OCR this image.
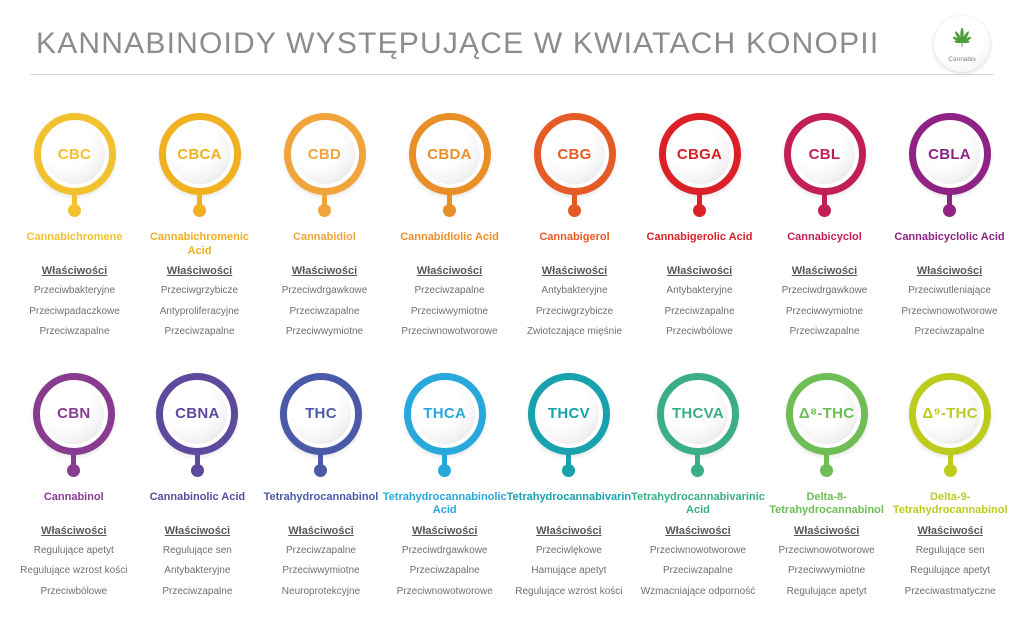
KANNABINOIDY WYSTĘPUJĄCE W KWIATACH KONOPII	Cannabis
CBC
Cannabichromene
Właściwości
Przeciwbakteryjne
Przeciwpadaczkowe
Przeciwzapalne
CBCA
Cannabichromenic Acid
Właściwości
Przeciwgrzybicze
Antyproliferacyjne
Przeciwzapalne
CBD
Cannabidiol
Właściwości
Przeciwdrgawkowe
Przeciwzapalne
Przeciwwymiotne
CBDA
Cannabidiolic Acid
Właściwości
Przeciwzapalne
Przeciwwymiotne
Przeciwnowotworowe
CBG
Cannabigerol
Właściwości
Antybakteryjne
Przeciwgrzybicze
Zwiotczające mięśnie
CBGA
Cannabigerolic Acid
Właściwości
Antybakteryjne
Przeciwzapalne
Przeciwbólowe
CBL
Cannabicyclol
Właściwości
Przeciwdrgawkowe
Przeciwwymiotne
Przeciwzapalne
CBLA
Cannabicyclolic Acid
Właściwości
Przeciwutleniające
Przeciwnowotworowe
Przeciwzapalne
CBN
Cannabinol
Właściwości
Regulujące apetyt
Regulujące wzrost kości
Przeciwbólowe
CBNA
Cannabinolic Acid
Właściwości
Regulujące sen
Antybakteryjne
Przeciwzapalne
THC
Tetrahydrocannabinol
Właściwości
Przeciwzapalne
Przeciwwymiotne
Neuroprotekcyjne
THCA
Tetrahydrocannabinolic Acid
Właściwości
Przeciwdrgawkowe
Przeciwzapalne
Przeciwnowotworowe
THCV
Tetrahydrocannabivarin
Właściwości
Przeciwlękowe
Hamujące apetyt
Regulujące wzrost kości
THCVA
Tetrahydrocannabivarinic Acid
Właściwości
Przeciwnowotworowe
Przeciwzapalne
Wzmacniające odporność
Δ⁸-THC
Delta-8-Tetrahydrocannabinol
Właściwości
Przeciwnowotworowe
Przeciwwymiotne
Regulujące apetyt
Δ⁹-THC
Delta-9-Tetrahydrocannabinol
Właściwości
Regulujące sen
Regulujące apetyt
Przeciwastmatyczne
